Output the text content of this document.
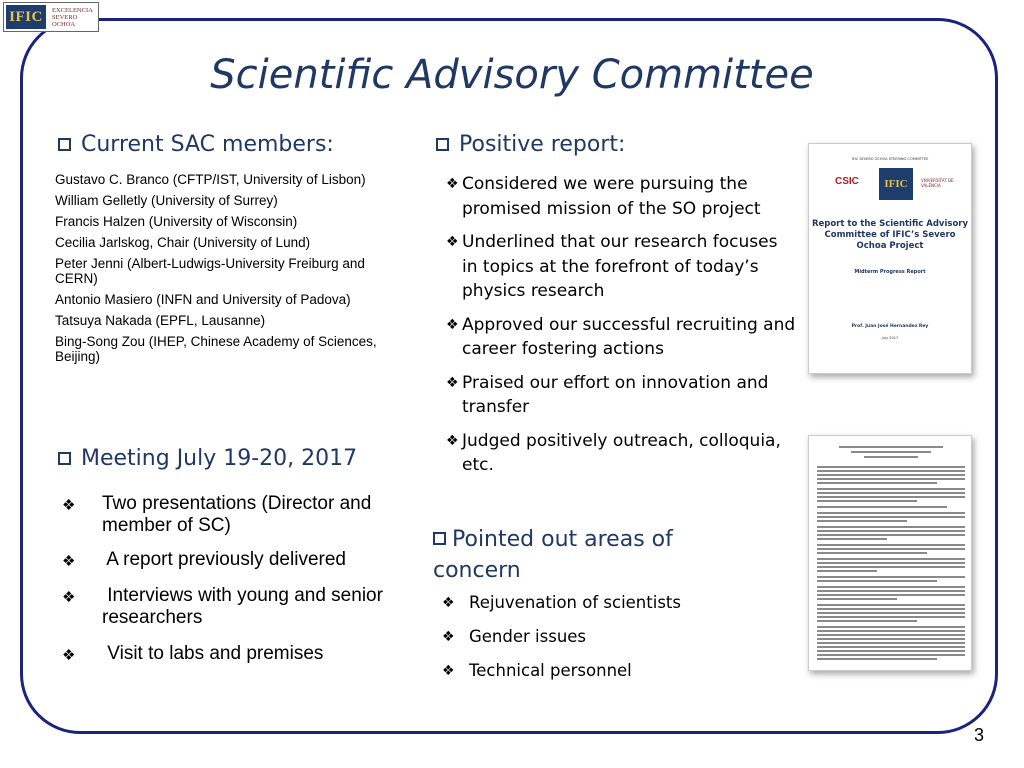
IFIC	EXCELENCIA
SEVERO
OCHOA
Scientific Advisory Committee
Current SAC members:
Gustavo C. Branco (CFTP/IST, University of Lisbon)
William Gelletly (University of Surrey)
Francis Halzen (University of Wisconsin)
Cecilia Jarlskog, Chair (University of Lund)
Peter Jenni (Albert-Ludwigs-University Freiburg and CERN)
Antonio Masiero (INFN and University of Padova)
Tatsuya Nakada (EPFL, Lausanne)
Bing-Song Zou (IHEP, Chinese Academy of Sciences, Beijing)
Meeting July 19-20, 2017
❖ Two presentations (Director and member of SC)
❖ A report previously delivered
❖ Interviews with young and senior researchers
❖ Visit to labs and premises
Positive report:
❖ Considered we were pursuing the promised mission of the SO project
❖ Underlined that our research focuses in topics at the forefront of today’s physics research
❖ Approved our successful recruiting and career fostering actions
❖ Praised our effort on innovation and transfer
❖ Judged positively outreach, colloquia, etc.
Pointed out areas of concern
❖ Rejuvenation of scientists
❖ Gender issues
❖ Technical personnel
IFIC SEVERO OCHOA STEERING COMMITTEE
CSIC	IFIC	VNIVERSITAT DE VALÈNCIA
Report to the Scientific Advisory Committee of IFIC’s Severo Ochoa Project
Midterm Progress Report
Prof. Juan José Hernández Rey
July 2017
3
